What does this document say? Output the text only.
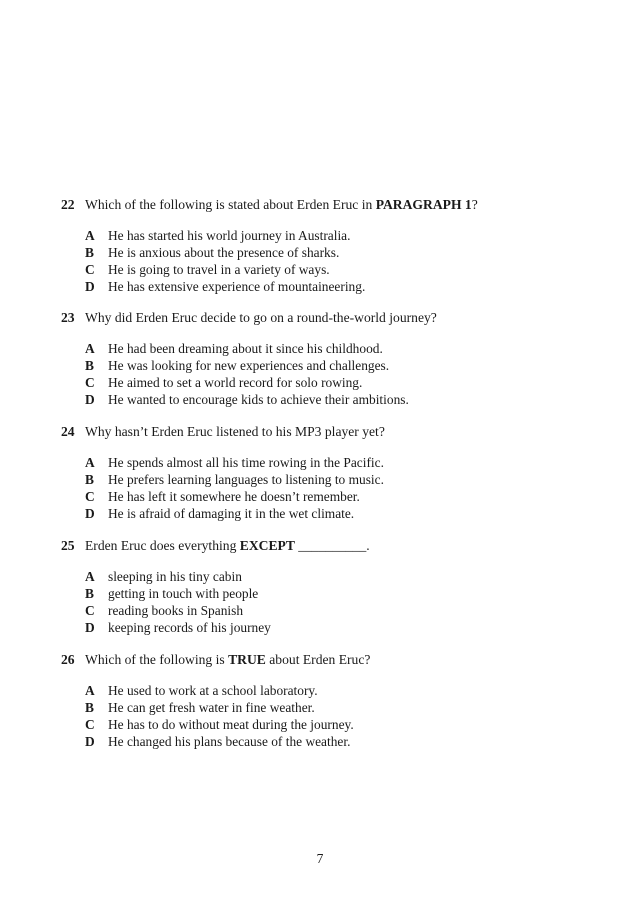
22 Which of the following is stated about Erden Eruc in PARAGRAPH 1?
A He has started his world journey in Australia.
B He is anxious about the presence of sharks.
C He is going to travel in a variety of ways.
D He has extensive experience of mountaineering.
23 Why did Erden Eruc decide to go on a round-the-world journey?
A He had been dreaming about it since his childhood.
B He was looking for new experiences and challenges.
C He aimed to set a world record for solo rowing.
D He wanted to encourage kids to achieve their ambitions.
24 Why hasn’t Erden Eruc listened to his MP3 player yet?
A He spends almost all his time rowing in the Pacific.
B He prefers learning languages to listening to music.
C He has left it somewhere he doesn’t remember.
D He is afraid of damaging it in the wet climate.
25 Erden Eruc does everything EXCEPT __________.
A sleeping in his tiny cabin
B getting in touch with people
C reading books in Spanish
D keeping records of his journey
26 Which of the following is TRUE about Erden Eruc?
A He used to work at a school laboratory.
B He can get fresh water in fine weather.
C He has to do without meat during the journey.
D He changed his plans because of the weather.
7
